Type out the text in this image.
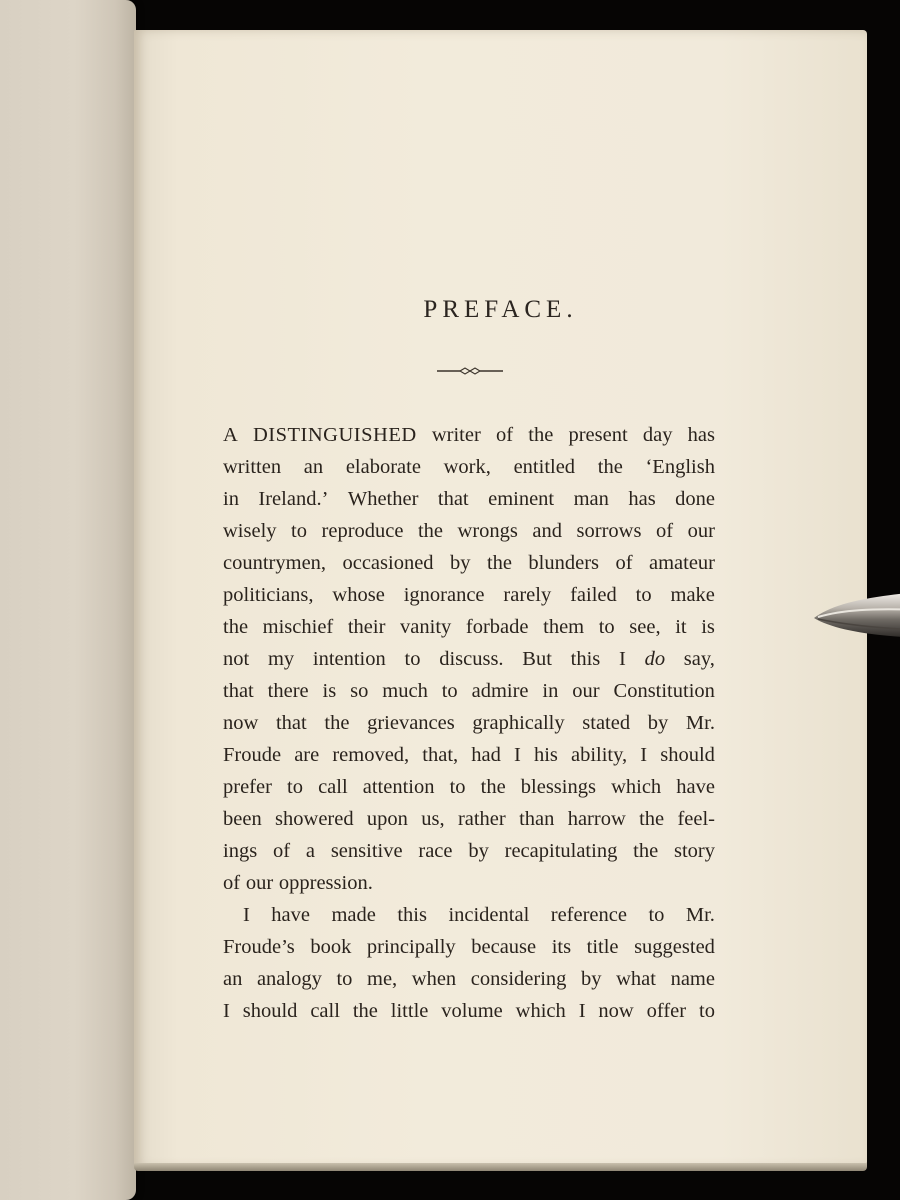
PREFACE.
A DISTINGUISHED writer of the present day has
written an elaborate work, entitled the ‘English
in Ireland.’ Whether that eminent man has done
wisely to reproduce the wrongs and sorrows of our
countrymen, occasioned by the blunders of amateur
politicians, whose ignorance rarely failed to make
the mischief their vanity forbade them to see, it is
not my intention to discuss. But this I do say,
that there is so much to admire in our Constitution
now that the grievances graphically stated by Mr.
Froude are removed, that, had I his ability, I should
prefer to call attention to the blessings which have
been showered upon us, rather than harrow the feel-
ings of a sensitive race by recapitulating the story
of our oppression.
I have made this incidental reference to Mr.
Froude’s book principally because its title suggested
an analogy to me, when considering by what name
I should call the little volume which I now offer to
